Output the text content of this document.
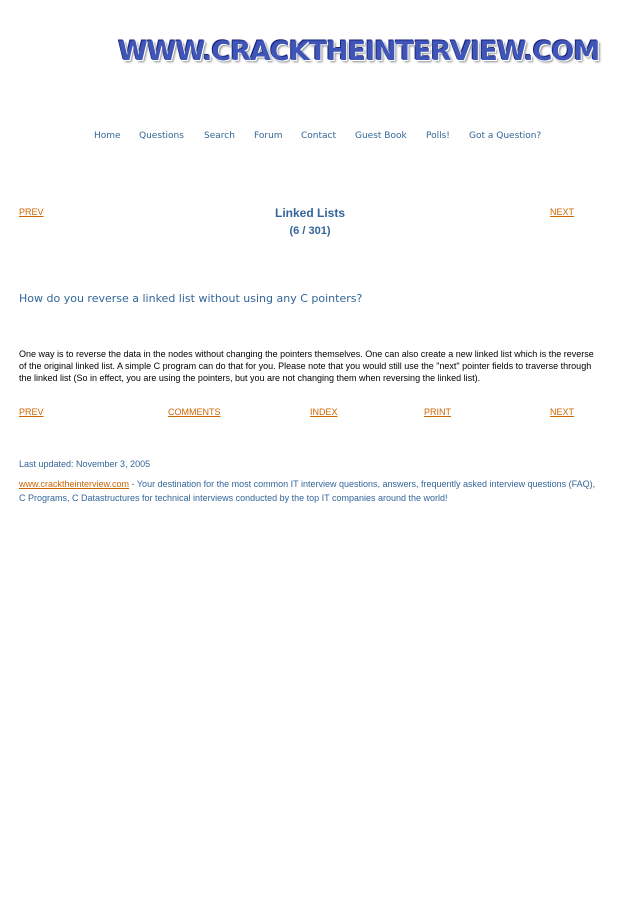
WWW.CRACKTHEINTERVIEW.COM
Home Questions Search Forum Contact Guest Book Polls! Got a Question?
PREV	Linked Lists
(6 / 301)
NEXT
How do you reverse a linked list without using any C pointers?
One way is to reverse the data in the nodes without changing the pointers themselves. One can also create a new linked list which is the reverse of the original linked list. A simple C program can do that for you. Please note that you would still use the "next" pointer fields to traverse through the linked list (So in effect, you are using the pointers, but you are not changing them when reversing the linked list).
PREV	COMMENTS	INDEX	PRINT	NEXT
Last updated: November 3, 2005
www.cracktheinterview.com - Your destination for the most common IT interview questions, answers, frequently asked interview questions (FAQ), C Programs, C Datastructures for technical interviews conducted by the top IT companies around the world!
